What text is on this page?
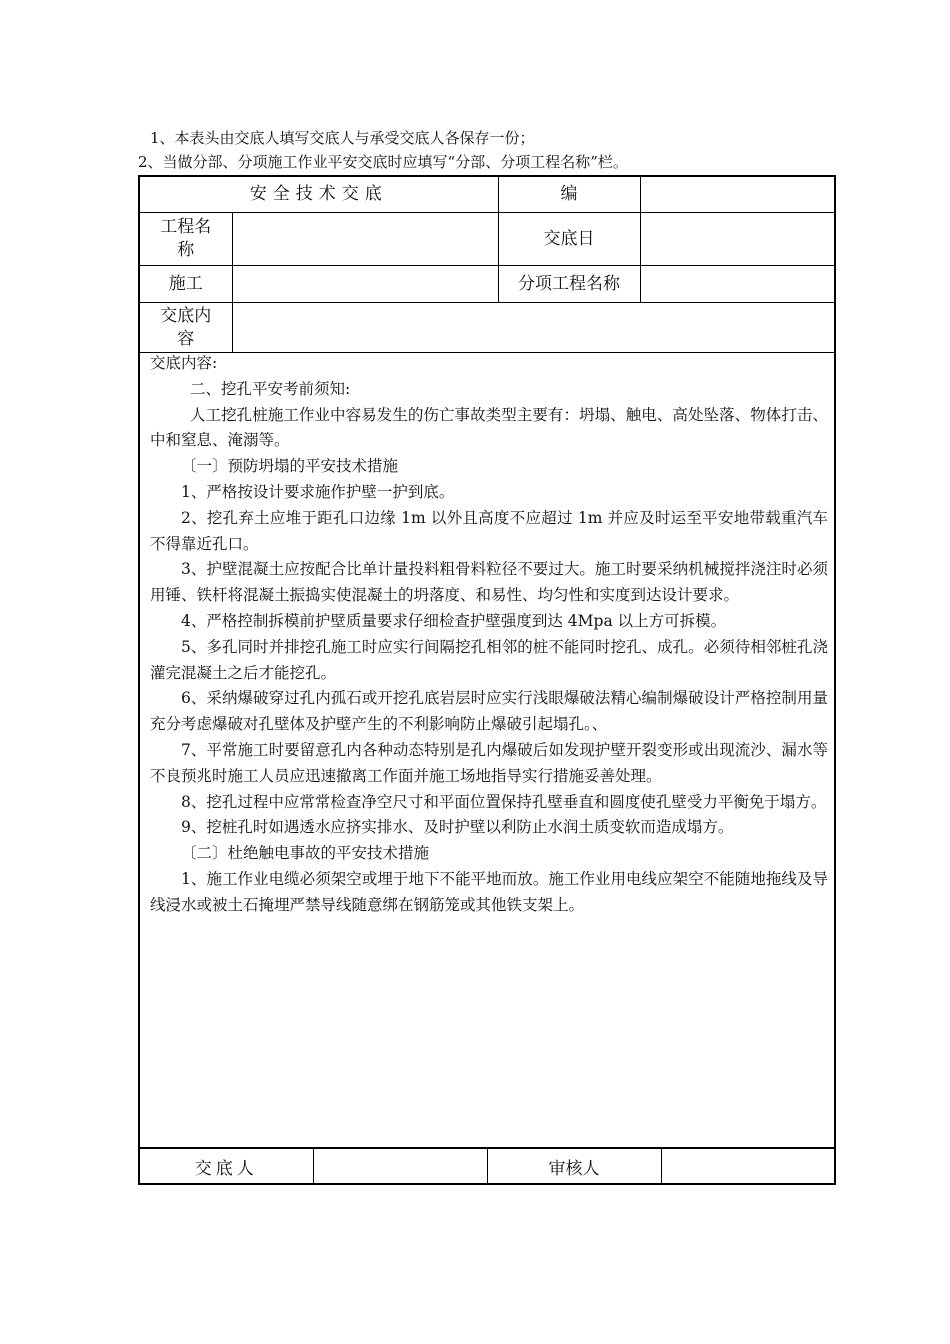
1、本表头由交底人填写交底人与承受交底人各保存一份；
2、当做分部、分项施工作业平安交底时应填写“分部、分项工程名称”栏。
安全技术交底		编	
工程名称		交底日	
施工		分项工程名称	
交底内容			

交底内容:

二、挖孔平安考前须知:

人工挖孔桩施工作业中容易发生的伤亡事故类型主要有：坍塌、触电、高处坠落、物体打击、中和窒息、淹溺等。

〔一〕预防坍塌的平安技术措施

1、严格按设计要求施作护壁一护到底。

2、挖孔弃土应堆于距孔口边缘 1m 以外且高度不应超过 1m 并应及时运至平安地带载重汽车不得靠近孔口。

3、护壁混凝土应按配合比单计量投料粗骨料粒径不要过大。施工时要采纳机械搅拌浇注时必须用锤、铁杆将混凝土振捣实使混凝土的坍落度、和易性、均匀性和实度到达设计要求。

4、严格控制拆模前护壁质量要求仔细检查护壁强度到达 4Mpa 以上方可拆模。

5、多孔同时并排挖孔施工时应实行间隔挖孔相邻的桩不能同时挖孔、成孔。必须待相邻桩孔浇灌完混凝土之后才能挖孔。

6、采纳爆破穿过孔内孤石或开挖孔底岩层时应实行浅眼爆破法精心编制爆破设计严格控制用量充分考虑爆破对孔壁体及护壁产生的不利影响防止爆破引起塌孔。、

7、平常施工时要留意孔内各种动态特别是孔内爆破后如发现护壁开裂变形或出现流沙、漏水等不良预兆时施工人员应迅速撤离工作面并施工场地指导实行措施妥善处理。

8、挖孔过程中应常常检查净空尺寸和平面位置保持孔壁垂直和圆度使孔壁受力平衡免于塌方。

9、挖桩孔时如遇透水应挤实排水、及时护壁以利防止水润土质变软而造成塌方。

〔二〕杜绝触电事故的平安技术措施

1、施工作业电缆必须架空或埋于地下不能平地而放。施工作业用电线应架空不能随地拖线及导线浸水或被土石掩埋严禁导线随意绑在钢筋笼或其他铁支架上。

交底人		审核人	
